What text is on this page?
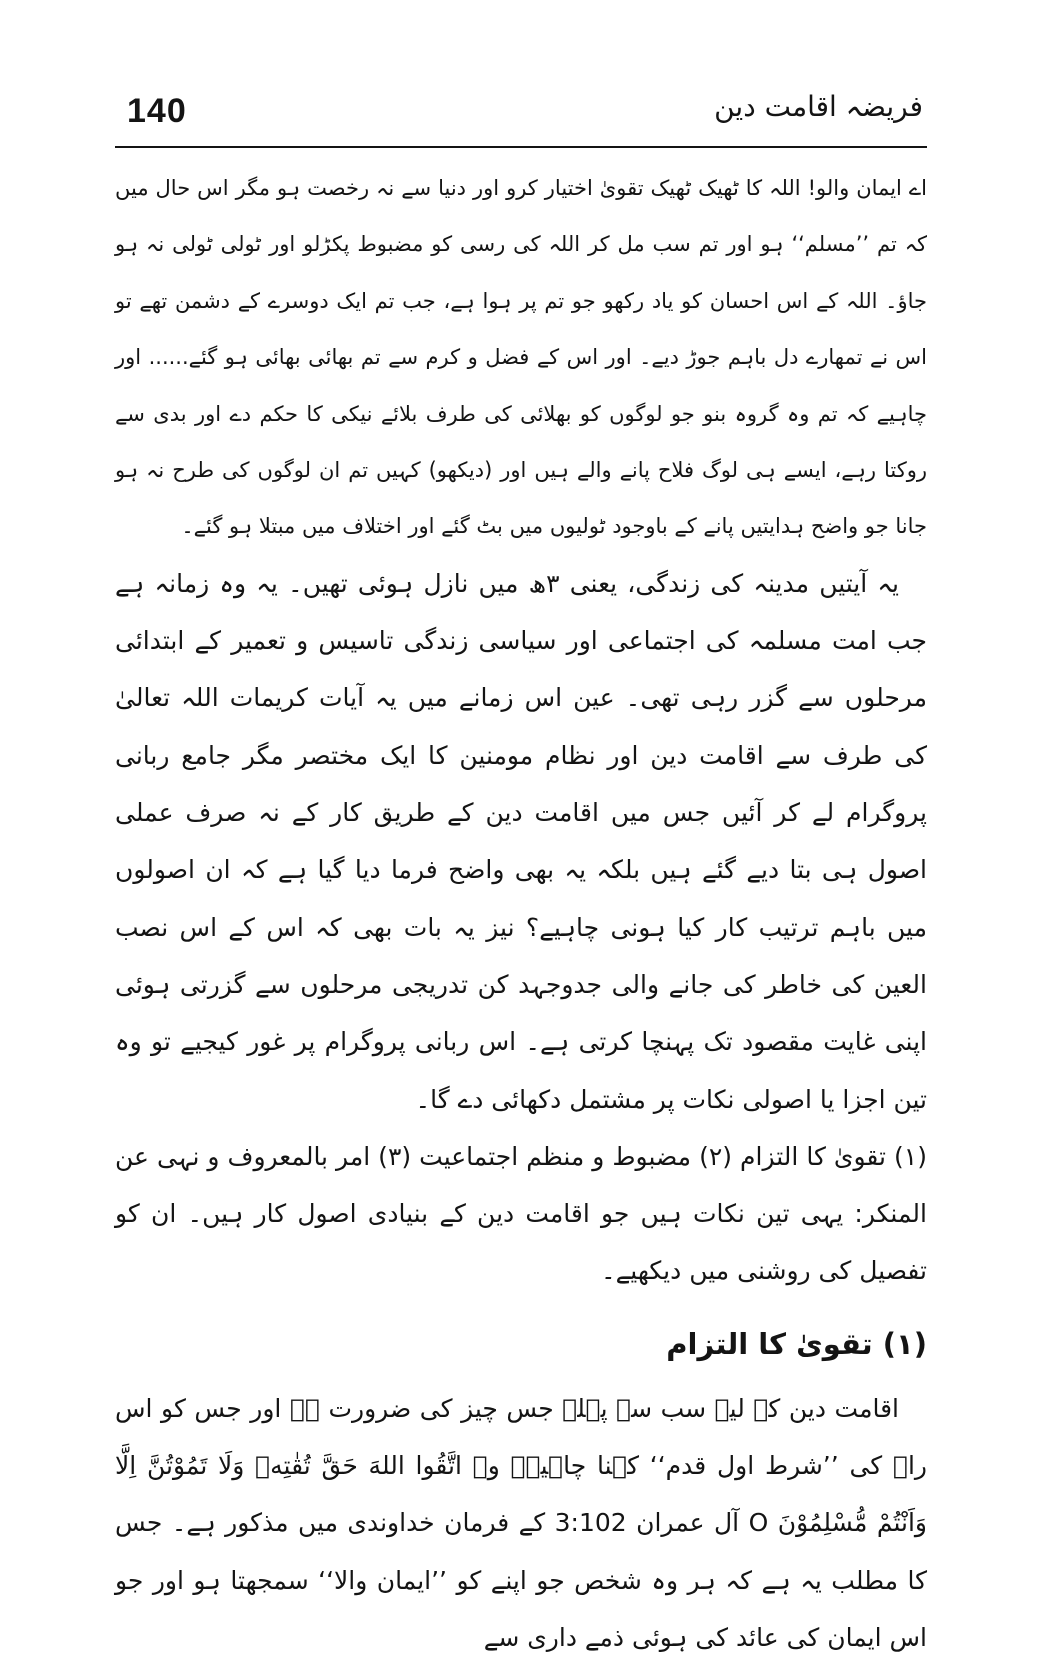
140	فریضہ اقامت دین

اے ایمان والو! اللہ کا ٹھیک ٹھیک تقویٰ اختیار کرو اور دنیا سے نہ رخصت ہو مگر اس حال میں کہ تم ’’مسلم‘‘ ہو اور تم سب مل کر اللہ کی رسی کو مضبوط پکڑلو اور ٹولی ٹولی نہ ہو جاؤ۔ اللہ کے اس احسان کو یاد رکھو جو تم پر ہوا ہے، جب تم ایک دوسرے کے دشمن تھے تو اس نے تمھارے دل باہم جوڑ دیے۔ اور اس کے فضل و کرم سے تم بھائی بھائی ہو گئے...... اور چاہیے کہ تم وہ گروہ بنو جو لوگوں کو بھلائی کی طرف بلائے نیکی کا حکم دے اور بدی سے روکتا رہے، ایسے ہی لوگ فلاح پانے والے ہیں اور (دیکھو) کہیں تم ان لوگوں کی طرح نہ ہو جانا جو واضح ہدایتیں پانے کے باوجود ٹولیوں میں بٹ گئے اور اختلاف میں مبتلا ہو گئے۔

یہ آیتیں مدینہ کی زندگی، یعنی ۳ھ میں نازل ہوئی تھیں۔ یہ وہ زمانہ ہے جب امت مسلمہ کی اجتماعی اور سیاسی زندگی تاسیس و تعمیر کے ابتدائی مرحلوں سے گزر رہی تھی۔ عین اس زمانے میں یہ آیات کریمات اللہ تعالیٰ کی طرف سے اقامت دین اور نظام مومنین کا ایک مختصر مگر جامع ربانی پروگرام لے کر آئیں جس میں اقامت دین کے طریق کار کے نہ صرف عملی اصول ہی بتا دیے گئے ہیں بلکہ یہ بھی واضح فرما دیا گیا ہے کہ ان اصولوں میں باہم ترتیب کار کیا ہونی چاہیے؟ نیز یہ بات بھی کہ اس کے اس نصب العین کی خاطر کی جانے والی جدوجہد کن تدریجی مرحلوں سے گزرتی ہوئی اپنی غایت مقصود تک پہنچا کرتی ہے۔ اس ربانی پروگرام پر غور کیجیے تو وہ تین اجزا یا اصولی نکات پر مشتمل دکھائی دے گا۔

(۱) تقویٰ کا التزام (۲) مضبوط و منظم اجتماعیت (۳) امر بالمعروف و نہی عن المنکر: یہی تین نکات ہیں جو اقامت دین کے بنیادی اصول کار ہیں۔ ان کو تفصیل کی روشنی میں دیکھیے۔

(۱) تقویٰ کا التزام

اقامت دین کے لیے سب سے پہلے جس چیز کی ضرورت ہے اور جس کو اس راہ کی ’’شرط اول قدم‘‘ کہنا چاہیے۔ وہ اتَّقُوا اللهَ حَقَّ تُقٰتِهٖ وَلَا تَمُوْتُنَّ اِلَّا وَاَنْتُمْ مُّسْلِمُوْنَ O آل عمران 3:102 کے فرمان خداوندی میں مذکور ہے۔ جس کا مطلب یہ ہے کہ ہر وہ شخص جو اپنے کو ’’ایمان والا‘‘ سمجھتا ہو اور جو اس ایمان کی عائد کی ہوئی ذمے داری سے
